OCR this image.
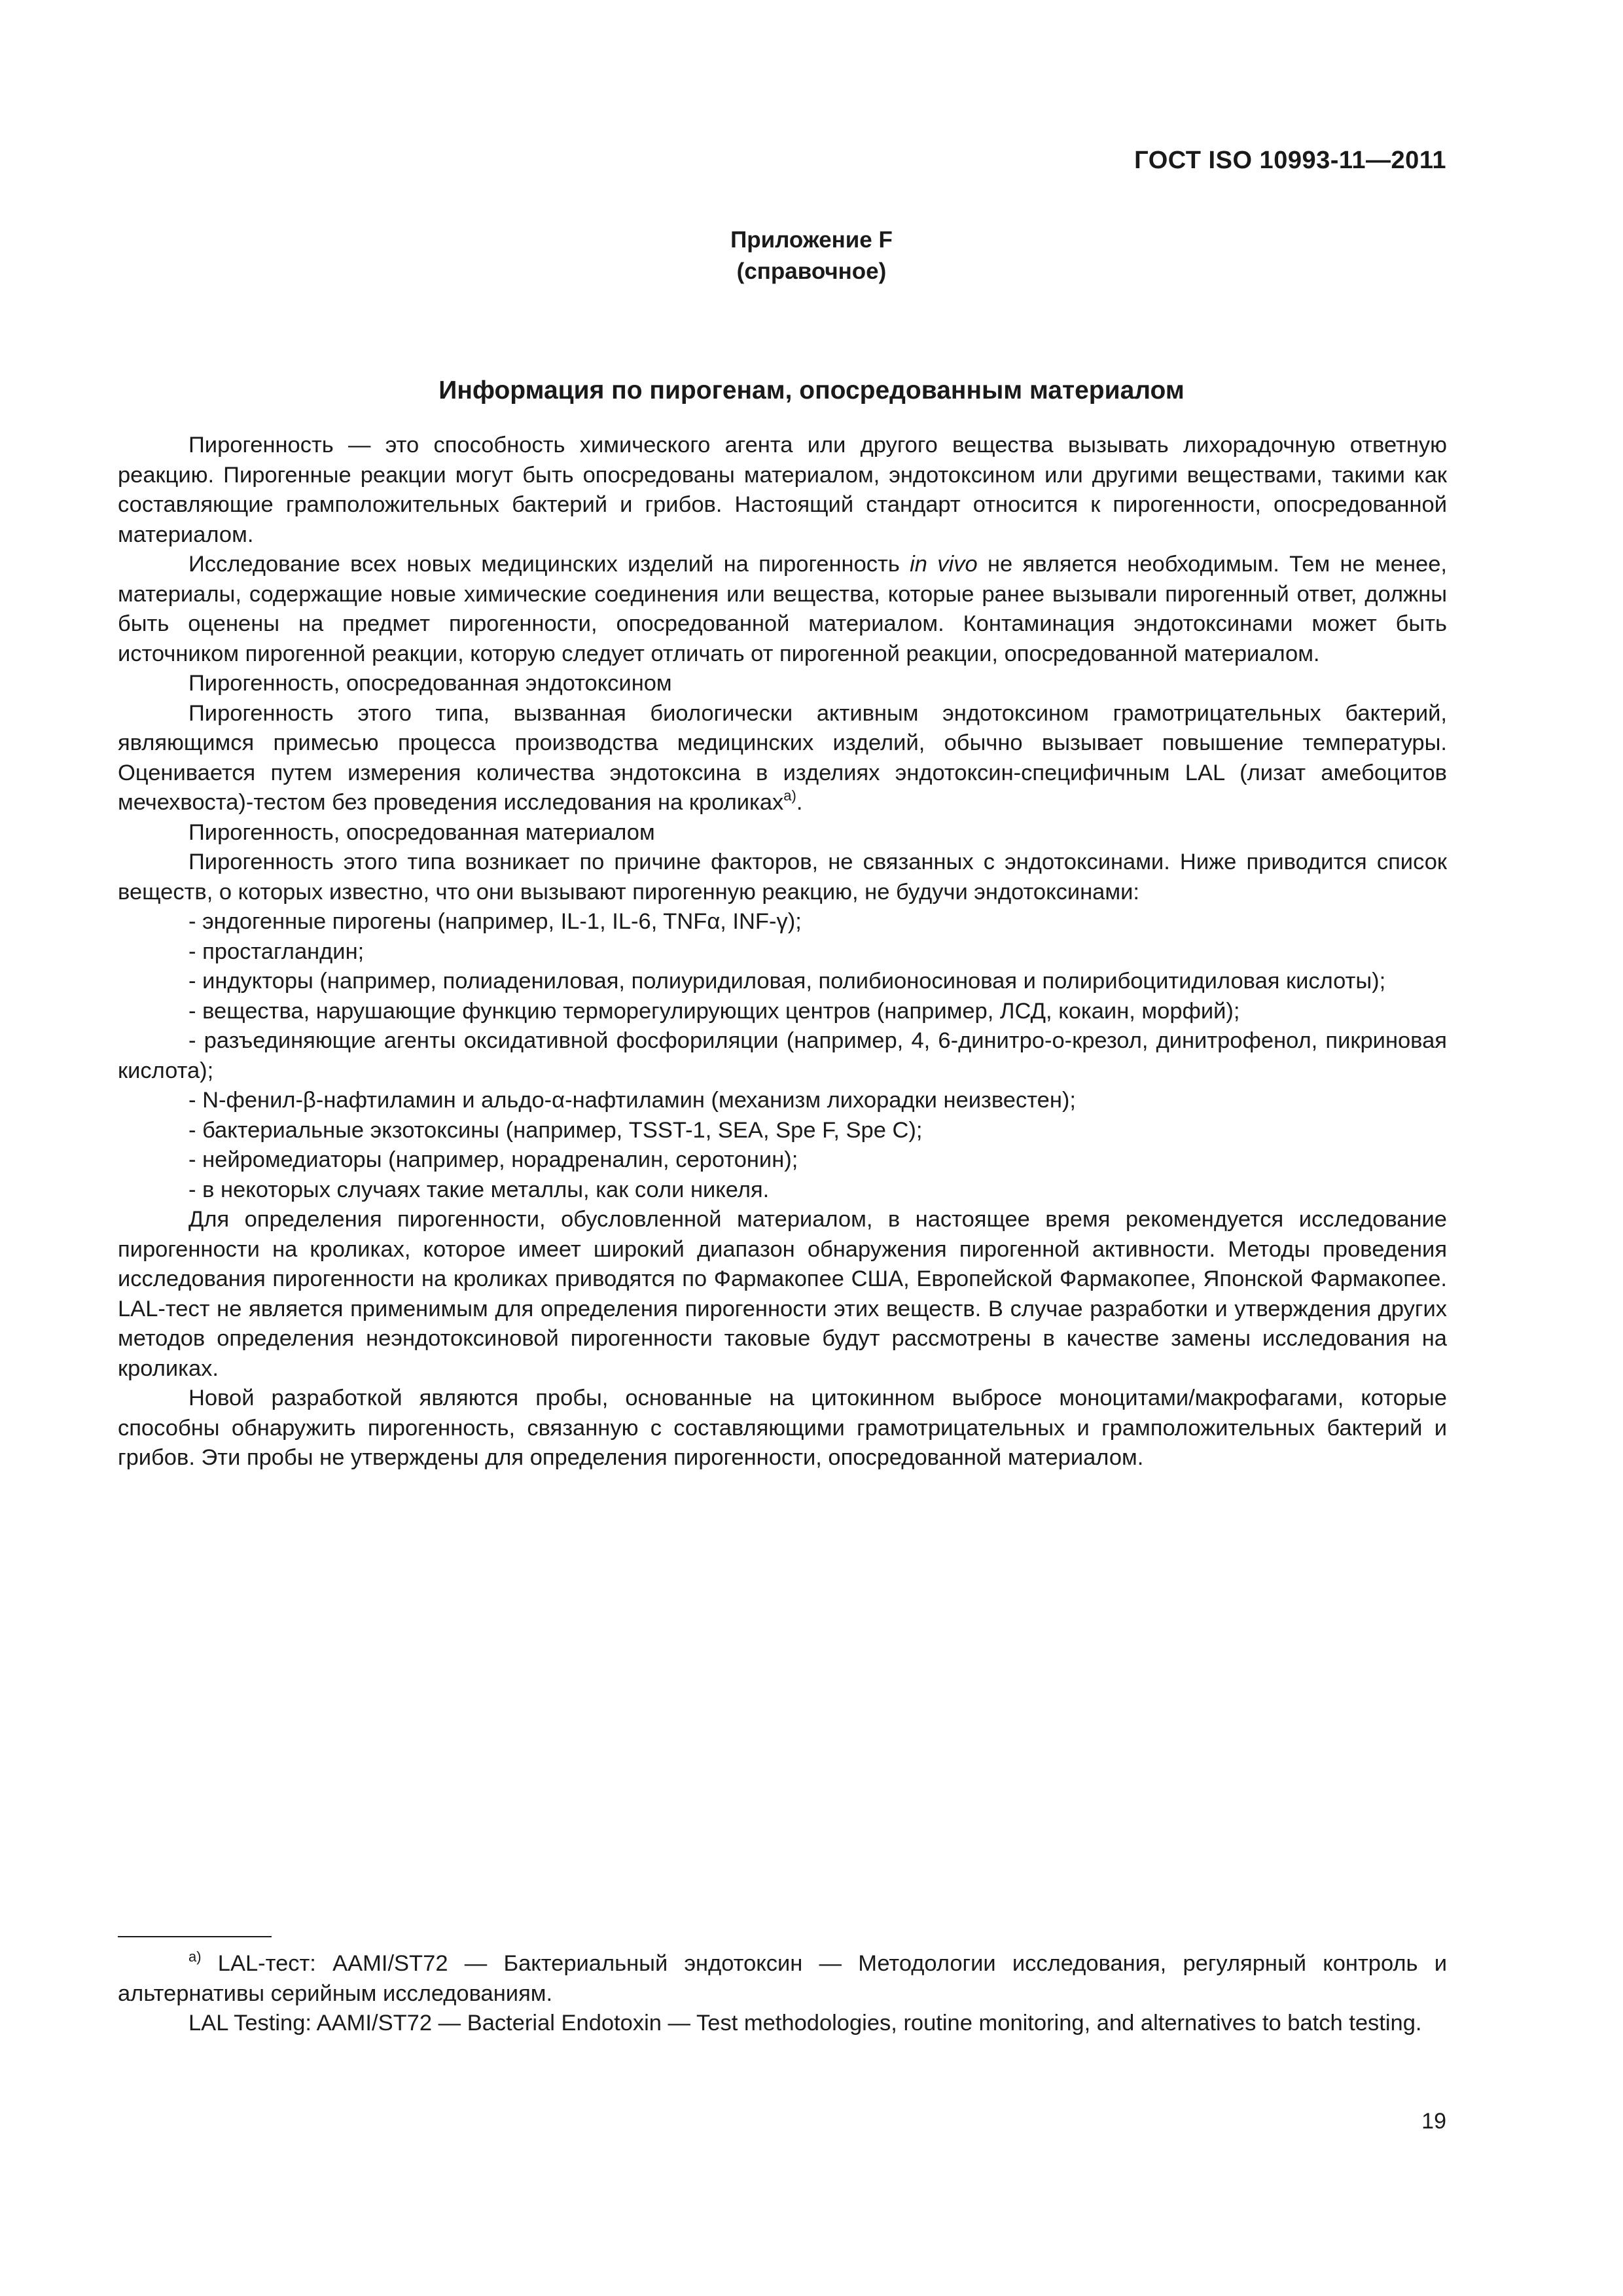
ГОСТ ISO 10993-11—2011
Приложение F
(справочное)
Информация по пирогенам, опосредованным материалом

Пирогенность — это способность химического агента или другого вещества вызывать лихорадочную ответную реакцию. Пирогенные реакции могут быть опосредованы материалом, эндотоксином или другими веществами, такими как составляющие грамположительных бактерий и грибов. Настоящий стандарт относится к пирогенности, опосредованной материалом.

Исследование всех новых медицинских изделий на пирогенность in vivo не является необходимым. Тем не менее, материалы, содержащие новые химические соединения или вещества, которые ранее вызывали пирогенный ответ, должны быть оценены на предмет пирогенности, опосредованной материалом. Контаминация эндотоксинами может быть источником пирогенной реакции, которую следует отличать от пирогенной реакции, опосредованной материалом.

Пирогенность, опосредованная эндотоксином

Пирогенность этого типа, вызванная биологически активным эндотоксином грамотрицательных бактерий, являющимся примесью процесса производства медицинских изделий, обычно вызывает повышение температуры. Оценивается путем измерения количества эндотоксина в изделиях эндотоксин-специфичным LAL (лизат амебоцитов мечехвоста)-тестом без проведения исследования на кроликах$^{а)}$.

Пирогенность, опосредованная материалом

Пирогенность этого типа возникает по причине факторов, не связанных с эндотоксинами. Ниже приводится список веществ, о которых известно, что они вызывают пирогенную реакцию, не будучи эндотоксинами:

- эндогенные пирогены (например, IL-1, IL-6, TNFα, INF-γ);

- простагландин;

- индукторы (например, полиадениловая, полиуридиловая, полибионосиновая и полирибоцитидиловая кислоты);

- вещества, нарушающие функцию терморегулирующих центров (например, ЛСД, кокаин, морфий);

- разъединяющие агенты оксидативной фосфориляции (например, 4, 6-динитро-о-крезол, динитрофенол, пикриновая кислота);

- N-фенил-β-нафтиламин и альдо-α-нафтиламин (механизм лихорадки неизвестен);

- бактериальные экзотоксины (например, TSST-1, SEA, Spe F, Spe C);

- нейромедиаторы (например, норадреналин, серотонин);

- в некоторых случаях такие металлы, как соли никеля.

Для определения пирогенности, обусловленной материалом, в настоящее время рекомендуется исследование пирогенности на кроликах, которое имеет широкий диапазон обнаружения пирогенной активности. Методы проведения исследования пирогенности на кроликах приводятся по Фармакопее США, Европейской Фармакопее, Японской Фармакопее. LAL-тест не является применимым для определения пирогенности этих веществ. В случае разработки и утверждения других методов определения неэндотоксиновой пирогенности таковые будут рассмотрены в качестве замены исследования на кроликах.

Новой разработкой являются пробы, основанные на цитокинном выбросе моноцитами/макрофагами, которые способны обнаружить пирогенность, связанную с составляющими грамотрицательных и грамположительных бактерий и грибов. Эти пробы не утверждены для определения пирогенности, опосредованной материалом.

$^{а)}$ LAL-тест: AAMI/ST72 — Бактериальный эндотоксин — Методологии исследования, регулярный контроль и альтернативы серийным исследованиям.

LAL Testing: AAMI/ST72 — Bacterial Endotoxin — Test methodologies, routine monitoring, and alternatives to batch testing.

19
